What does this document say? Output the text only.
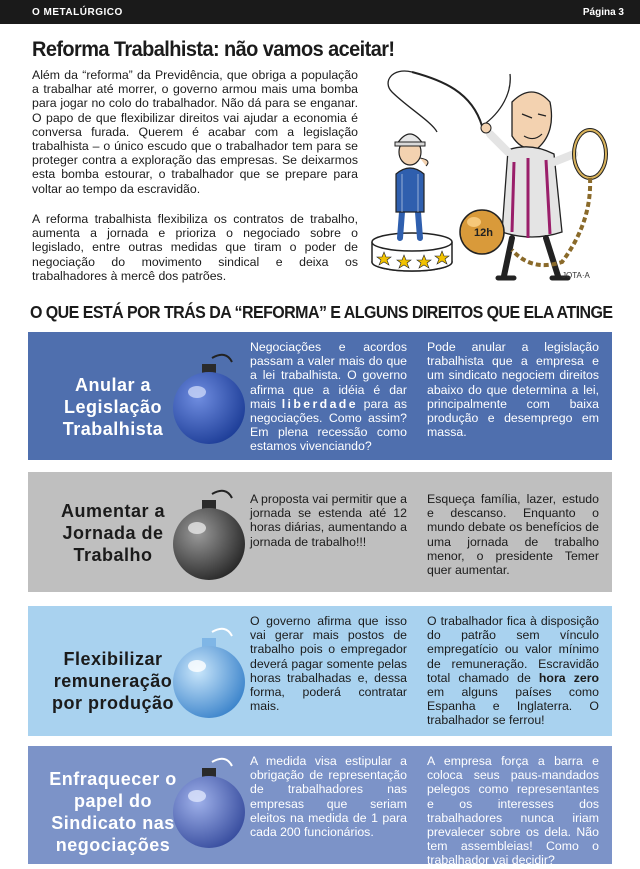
O METALÚRGICO	Página 3
Reforma Trabalhista: não vamos aceitar!

Além da “reforma” da Previdência, que obriga a população a trabalhar até morrer, o governo armou mais uma bomba para jogar no colo do trabalhador. Não dá para se enganar. O papo de que flexibilizar direitos vai ajudar a economia é conversa furada. Querem é acabar com a legislação trabalhista – o único escudo que o trabalhador tem para se proteger contra a exploração das empresas. Se deixarmos esta bomba estourar, o trabalhador que se prepare para voltar ao tempo da escravidão.

A reforma trabalhista flexibiliza os contratos de trabalho, aumenta a jornada e prioriza o negociado sobre o legislado, entre outras medidas que tiram o poder de negociação do movimento sindical e deixa os trabalhadores à mercê dos patrões.

12h
JOTA·A
O QUE ESTÁ POR TRÁS DA “REFORMA” E ALGUNS DIREITOS QUE ELA ATINGE
Anular a Legislação Trabalhista

Negociações e acordos passam a valer mais do que a lei trabalhista. O governo afirma que a idéia é dar mais liberdade para as negociações. Como assim? Em plena recessão como estamos vivenciando?

Pode anular a legislação trabalhista que a empresa e um sindicato negociem direitos abaixo do que determina a lei, principalmente com baixa produção e desemprego em massa.

Aumentar a Jornada de Trabalho

A proposta vai permitir que a jornada se estenda até 12 horas diárias, aumentando a jornada de trabalho!!!

Esqueça família, lazer, estudo e descanso. Enquanto o mundo debate os benefícios de uma jornada de trabalho menor, o presidente Temer quer aumentar.

Flexibilizar remuneração por produção

O governo afirma que isso vai gerar mais postos de trabalho pois o empregador deverá pagar somente pelas horas trabalhadas e, dessa forma, poderá contratar mais.

O trabalhador fica à disposição do patrão sem vínculo empregatício ou valor mínimo de remuneração. Escravidão total chamado de hora zero em alguns países como Espanha e Inglaterra. O trabalhador se ferrou!

Enfraquecer o papel do Sindicato nas negociações

A medida visa estipular a obrigação de representação de trabalhadores nas empresas que seriam eleitos na medida de 1 para cada 200 funcionários.

A empresa força a barra e coloca seus paus-mandados pelegos como representantes e os interesses dos trabalhadores nunca iriam prevalecer sobre os dela. Não tem assembleias! Como o trabalhador vai decidir?
